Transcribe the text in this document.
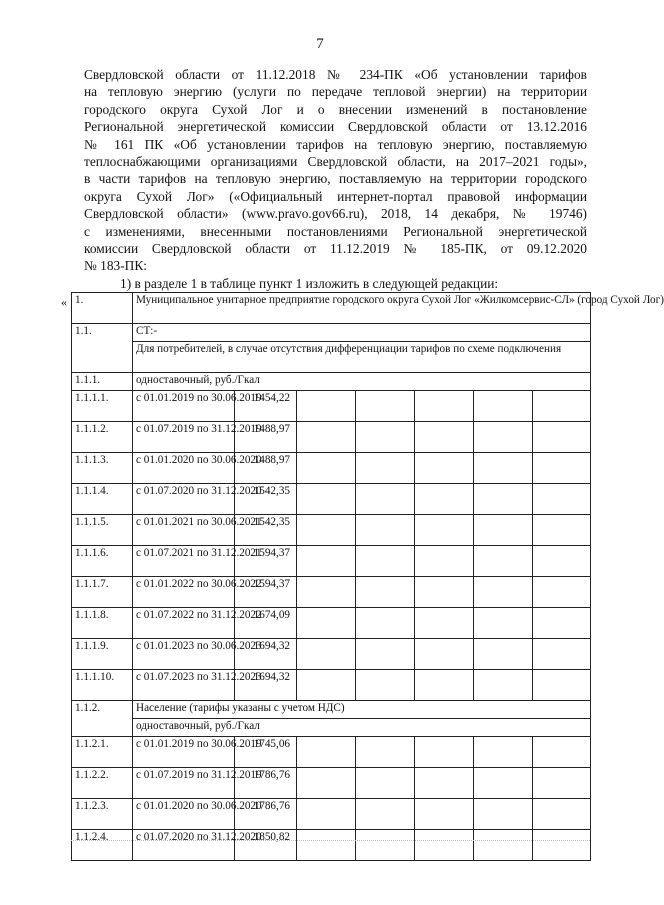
7
Свердловской области от 11.12.2018 № 234-ПК «Об установлении тарифов
на тепловую энергию (услуги по передаче тепловой энергии) на территории
городского округа Сухой Лог и о внесении изменений в постановление
Региональной энергетической комиссии Свердловской области от 13.12.2016
№ 161 ПК «Об установлении тарифов на тепловую энергию, поставляемую
теплоснабжающими организациями Свердловской области, на 2017–2021 годы»,
в части тарифов на тепловую энергию, поставляемую на территории городского
округа Сухой Лог» («Официальный интернет-портал правовой информации
Свердловской области» (www.pravo.gov66.ru), 2018, 14 декабря, № 19746)
с изменениями, внесенными постановлениями Региональной энергетической
комиссии Свердловской области от 11.12.2019 № 185-ПК, от 09.12.2020
№ 183-ПК:
1) в разделе 1 в таблице пункт 1 изложить в следующей редакции:
« 1.	Муниципальное унитарное предприятие городского округа Сухой Лог «Жилкомсервис-СЛ» (город Сухой Лог)						
1.1.	СТ:-						
	Для потребителей, в случае отсутствия дифференциации тарифов по схеме подключения						
1.1.1.	одноставочный, руб./Гкал						
1.1.1.1.	с 01.01.2019 по 30.06.2019	1454,22					
1.1.1.2.	с 01.07.2019 по 31.12.2019	1488,97					
1.1.1.3.	с 01.01.2020 по 30.06.2020	1488,97					
1.1.1.4.	с 01.07.2020 по 31.12.2020	1542,35					
1.1.1.5.	с 01.01.2021 по 30.06.2021	1542,35					
1.1.1.6.	с 01.07.2021 по 31.12.2021	1594,37					
1.1.1.7.	с 01.01.2022 по 30.06.2022	1594,37					
1.1.1.8.	с 01.07.2022 по 31.12.2022	1674,09					
1.1.1.9.	с 01.01.2023 по 30.06.2023	1694,32					
1.1.1.10.	с 01.07.2023 по 31.12.2023	1694,32					
1.1.2.	Население (тарифы указаны с учетом НДС)						
	одноставочный, руб./Гкал						
1.1.2.1.	с 01.01.2019 по 30.06.2019	1745,06					
1.1.2.2.	с 01.07.2019 по 31.12.2019	1786,76					
1.1.2.3.	с 01.01.2020 по 30.06.2020	1786,76					
1.1.2.4.	с 01.07.2020 по 31.12.2020	1850,82					
